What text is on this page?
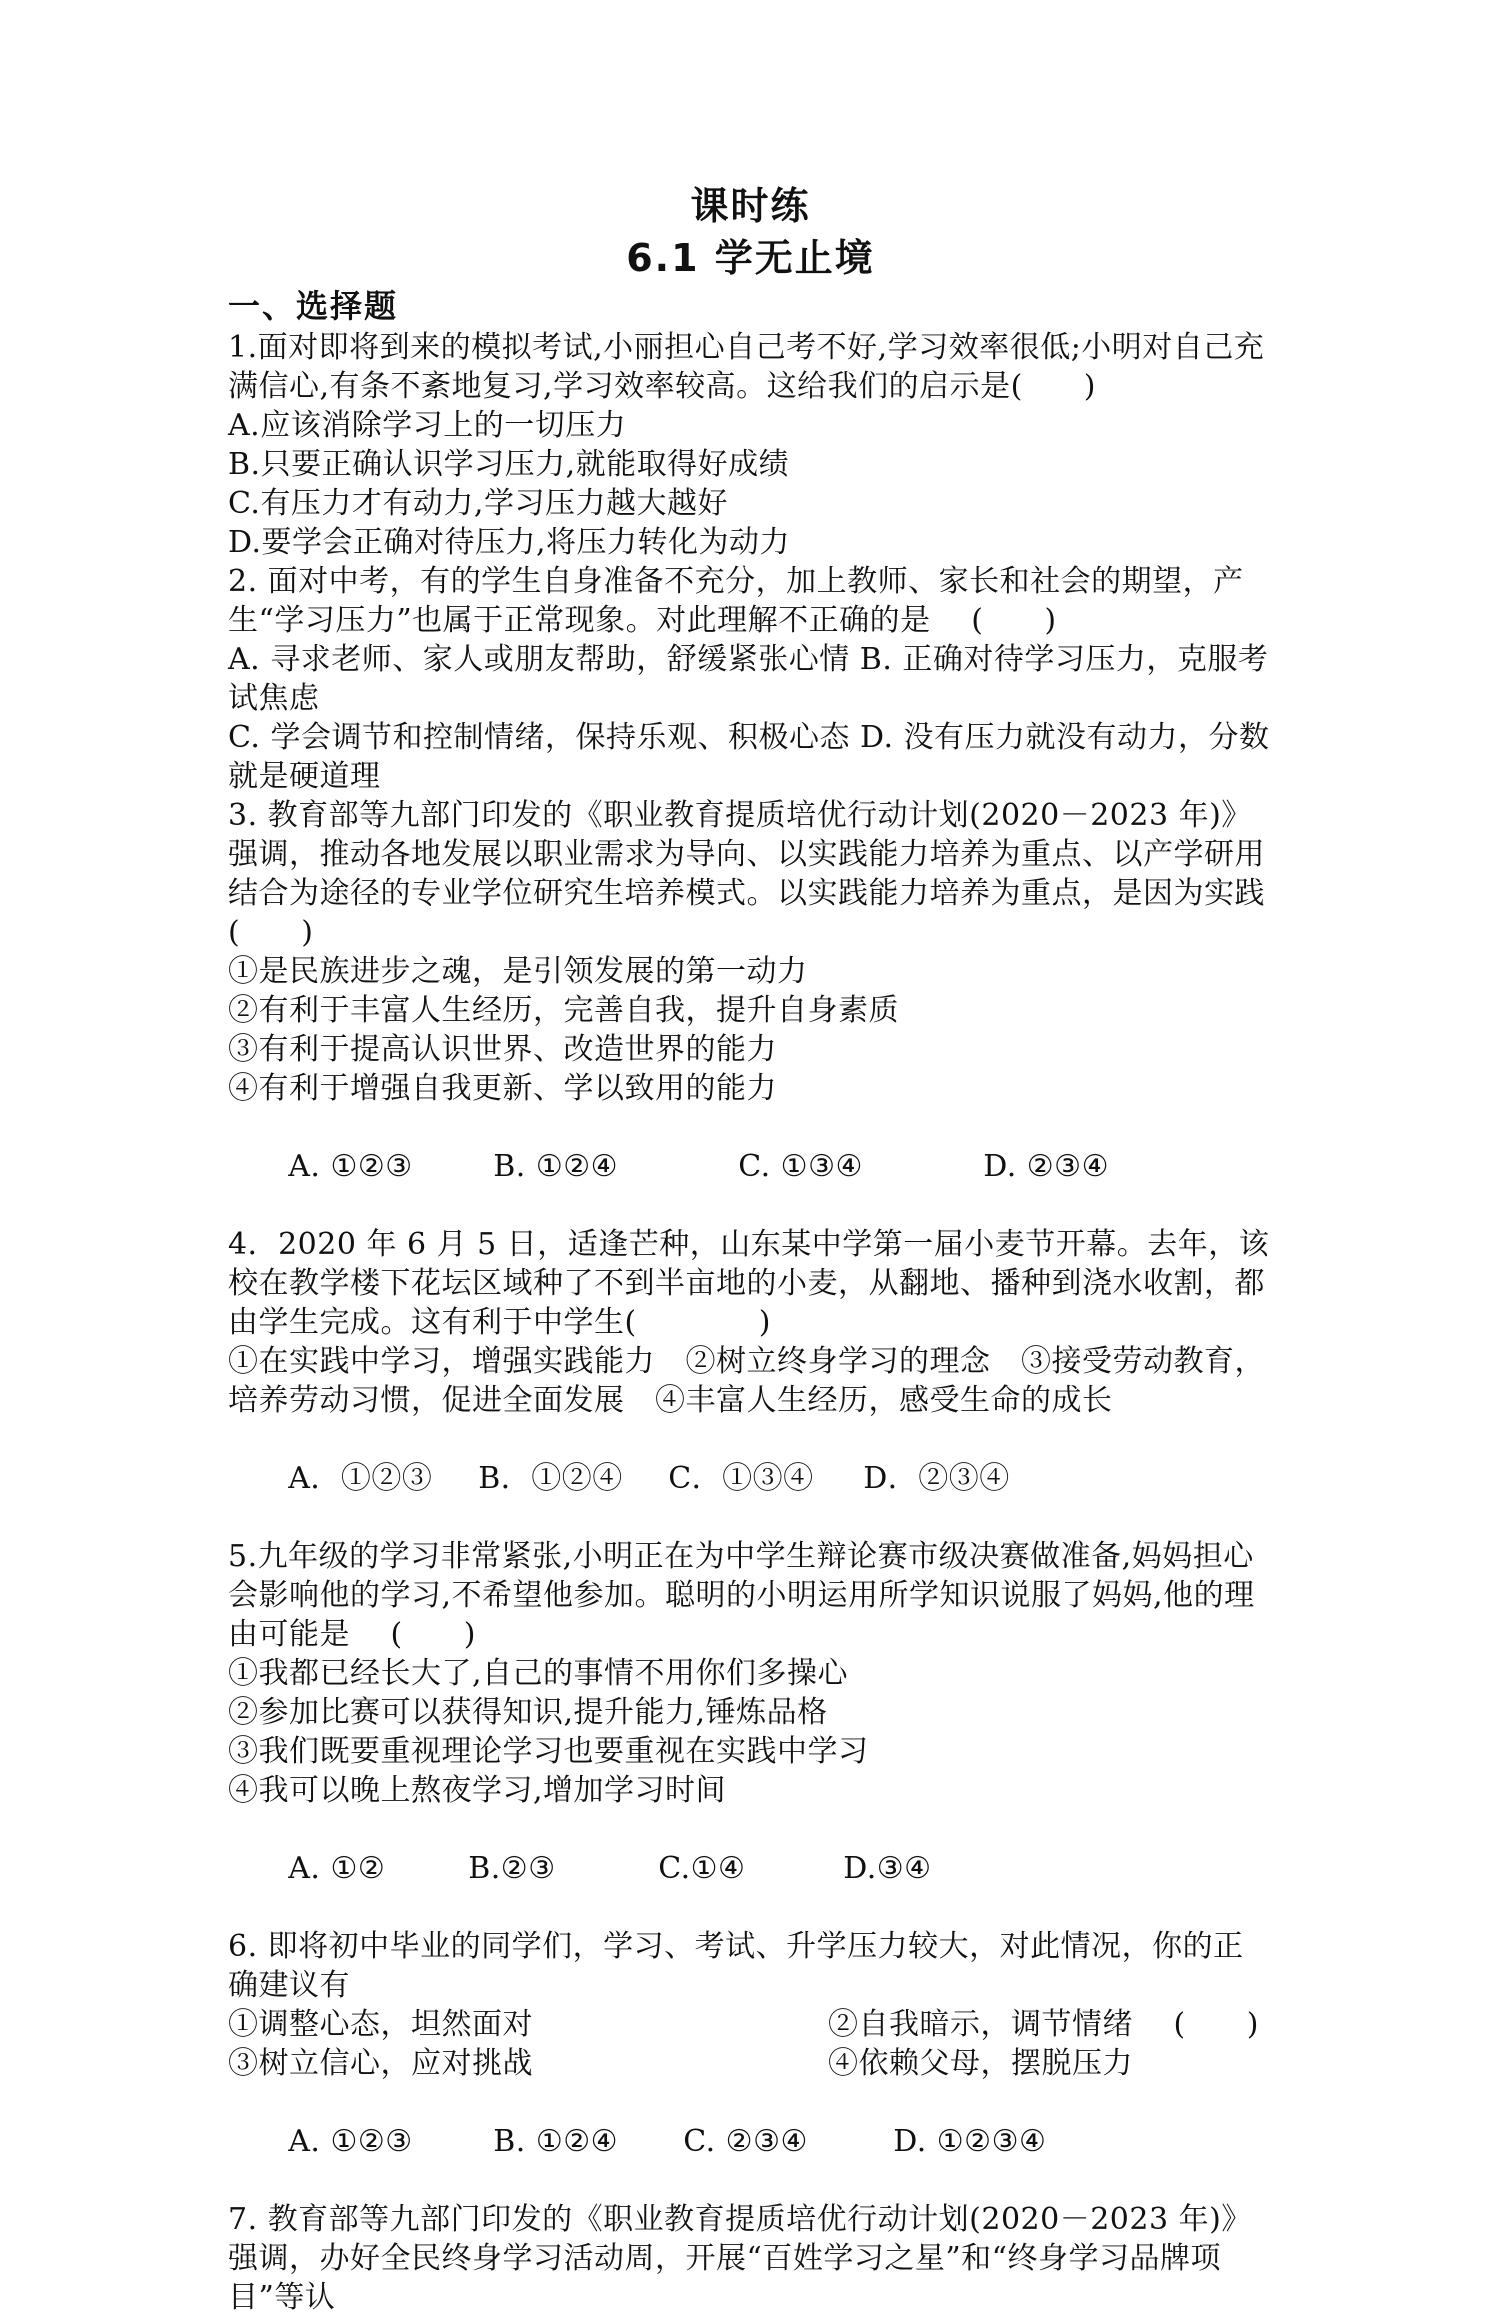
课时练

6.1 学无止境

一、选择题

1.面对即将到来的模拟考试,小丽担心自己考不好,学习效率很低;小明对自己充满信心,有条不紊地复习,学习效率较高。这给我们的启示是(　　)

A.应该消除学习上的一切压力

B.只要正确认识学习压力,就能取得好成绩

C.有压力才有动力,学习压力越大越好

D.要学会正确对待压力,将压力转化为动力

2. 面对中考，有的学生自身准备不充分，加上教师、家长和社会的期望，产生“学习压力”也属于正常现象。对此理解不正确的是　 (　　)

A. 寻求老师、家人或朋友帮助，舒缓紧张心情 B. 正确对待学习压力，克服考试焦虑

C. 学会调节和控制情绪，保持乐观、积极心态 D. 没有压力就没有动力，分数就是硬道理

3. 教育部等九部门印发的《职业教育提质培优行动计划(2020－2023 年)》强调，推动各地发展以职业需求为导向、以实践能力培养为重点、以产学研用结合为途径的专业学位研究生培养模式。以实践能力培养为重点，是因为实践(　　)

①是民族进步之魂，是引领发展的第一动力

②有利于丰富人生经历，完善自我，提升自身素质

③有利于提高认识世界、改造世界的能力

④有利于增强自我更新、学以致用的能力

A. ①②③	B. ①②④	C. ①③④	D. ②③④

4．2020 年 6 月 5 日，适逢芒种，山东某中学第一届小麦节开幕。去年，该校在教学楼下花坛区域种了不到半亩地的小麦，从翻地、播种到浇水收割，都由学生完成。这有利于中学生(　　　　)

①在实践中学习，增强实践能力　②树立终身学习的理念　③接受劳动教育，培养劳动习惯，促进全面发展　④丰富人生经历，感受生命的成长

A．①②③ B．①②④ C．①③④ D．②③④

5.九年级的学习非常紧张,小明正在为中学生辩论赛市级决赛做准备,妈妈担心会影响他的学习,不希望他参加。聪明的小明运用所学知识说服了妈妈,他的理由可能是　 (　　)

①我都已经长大了,自己的事情不用你们多操心

②参加比赛可以获得知识,提升能力,锤炼品格

③我们既要重视理论学习也要重视在实践中学习

④我可以晚上熬夜学习,增加学习时间

A. ①②	B.②③	C.①④	D.③④

6. 即将初中毕业的同学们，学习、考试、升学压力较大，对此情况，你的正确建议有

①调整心态，坦然面对	②自我暗示，调节情绪　 (　　)

③树立信心，应对挑战	④依赖父母，摆脱压力

A. ①②③	B. ①②④ C. ②③④	D. ①②③④

7. 教育部等九部门印发的《职业教育提质培优行动计划(2020－2023 年)》强调，办好全民终身学习活动周，开展“百姓学习之星”和“终身学习品牌项目”等认
